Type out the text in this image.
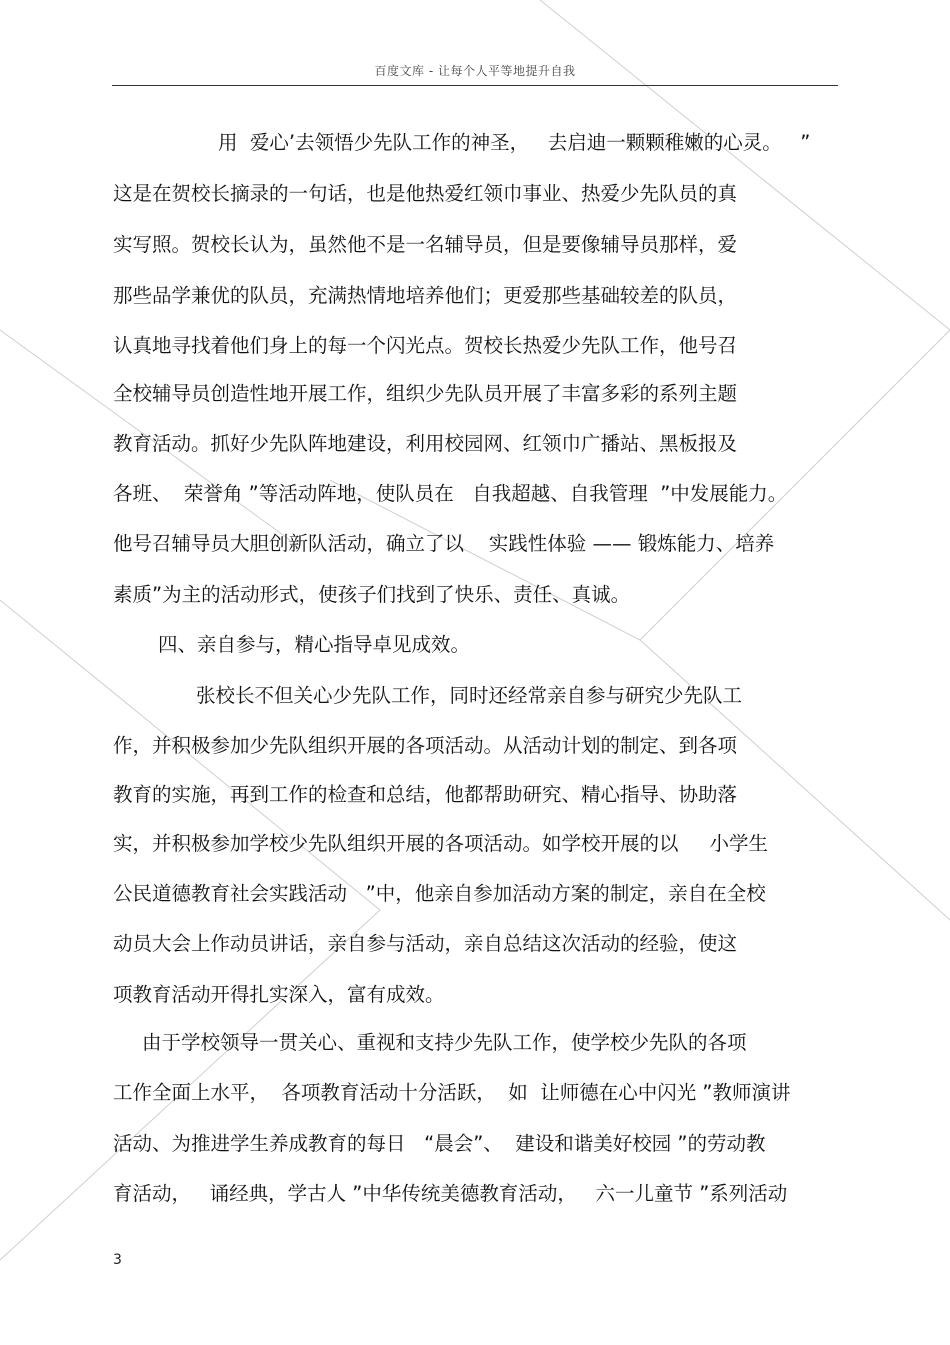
百度文库 - 让每个人平等地提升自我
用  爱心’去领悟少先队工作的神圣，   去启迪一颗颗稚嫩的心灵。   ”
这是在贺校长摘录的一句话，也是他热爱红领巾事业、热爱少先队员的真
实写照。贺校长认为，虽然他不是一名辅导员，但是要像辅导员那样，爱
那些品学兼优的队员，充满热情地培养他们；更爱那些基础较差的队员，
认真地寻找着他们身上的每一个闪光点。贺校长热爱少先队工作，他号召
全校辅导员创造性地开展工作，组织少先队员开展了丰富多彩的系列主题
教育活动。抓好少先队阵地建设，利用校园网、红领巾广播站、黑板报及
各班、  荣誉角 ”等活动阵地，使队员在   自我超越、自我管理  ”中发展能力。
他号召辅导员大胆创新队活动，确立了以    实践性体验 —— 锻炼能力、培养
素质”为主的活动形式，使孩子们找到了快乐、责任、真诚。
四、亲自参与，精心指导卓见成效。
张校长不但关心少先队工作，同时还经常亲自参与研究少先队工
作，并积极参加少先队组织开展的各项活动。从活动计划的制定、到各项
教育的实施，再到工作的检查和总结，他都帮助研究、精心指导、协助落
实，并积极参加学校少先队组织开展的各项活动。如学校开展的以     小学生
公民道德教育社会实践活动   ”中，他亲自参加活动方案的制定，亲自在全校
动员大会上作动员讲话，亲自参与活动，亲自总结这次活动的经验，使这
项教育活动开得扎实深入，富有成效。
由于学校领导一贯关心、重视和支持少先队工作，使学校少先队的各项
工作全面上水平，  各项教育活动十分活跃，  如  让师德在心中闪光 ”教师演讲
活动、为推进学生养成教育的每日   “晨会”、  建设和谐美好校园 ”的劳动教
育活动，   诵经典，学古人 ”中华传统美德教育活动，   六一儿童节 ”系列活动
3
